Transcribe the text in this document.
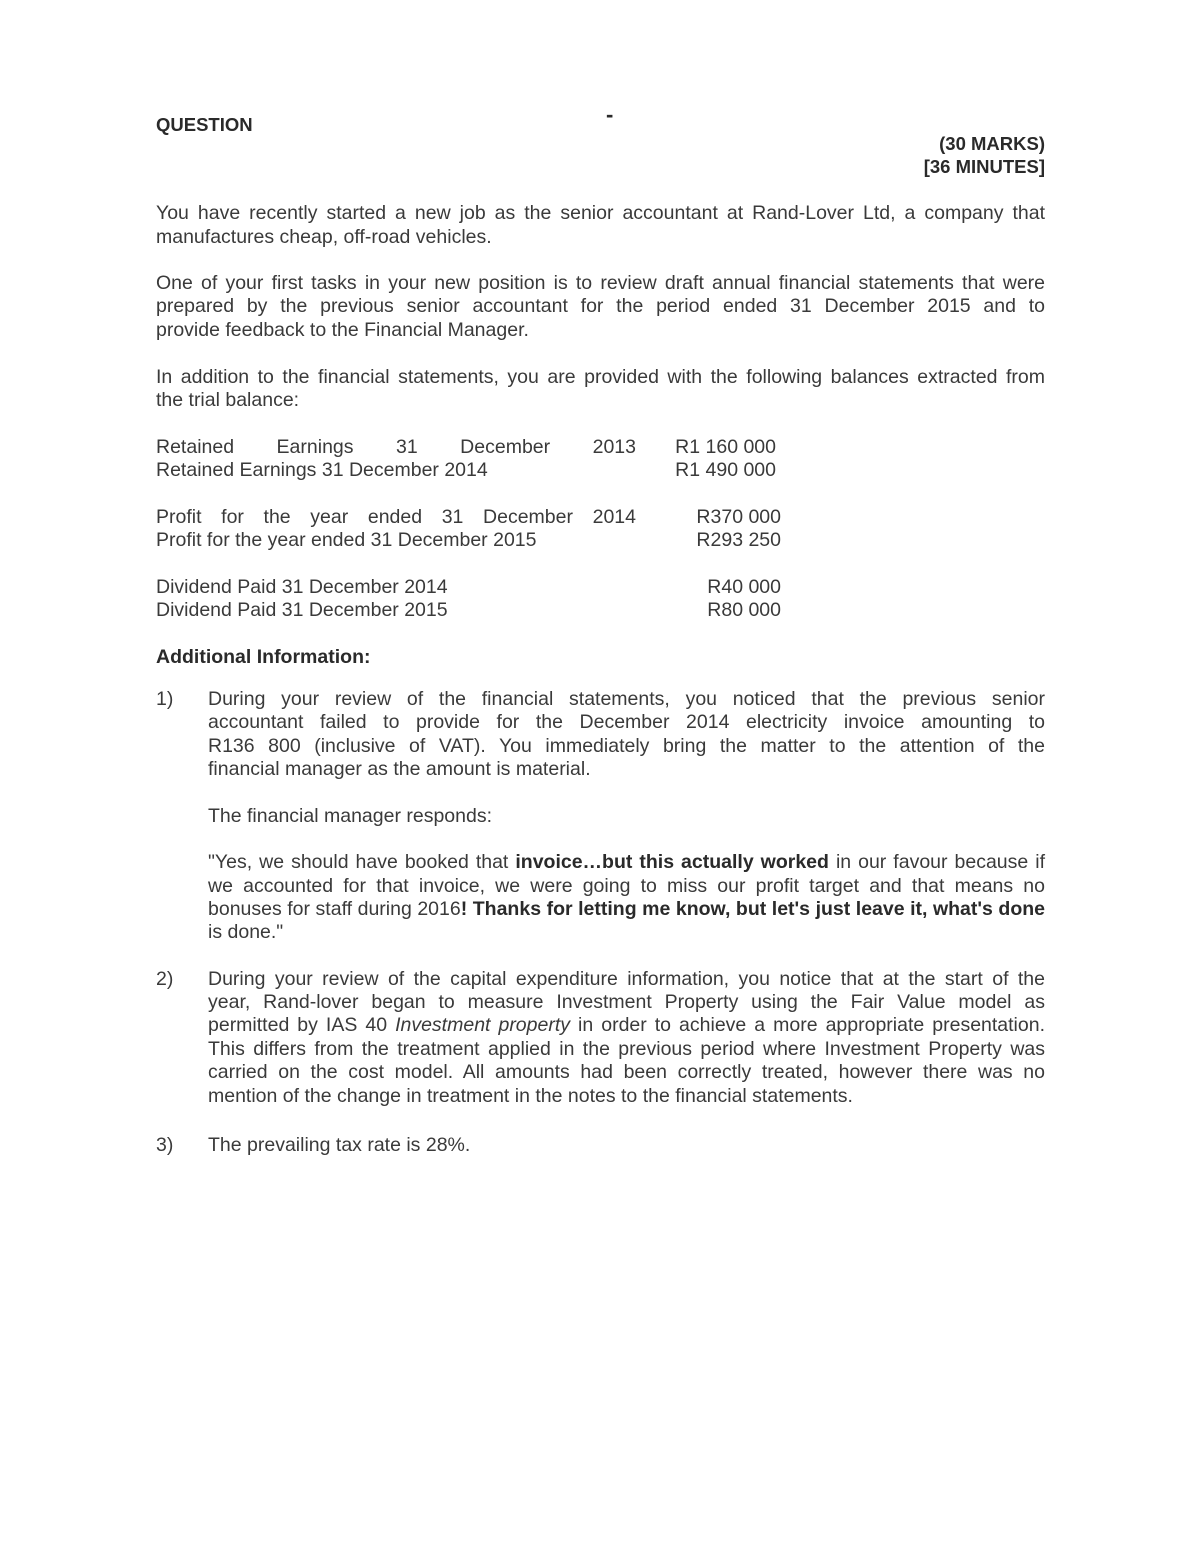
QUESTION	-
(30 MARKS)
[36 MINUTES]
You have recently started a new job as the senior accountant at Rand-Lover Ltd, a company that
manufactures cheap, off-road vehicles.
One of your first tasks in your new position is to review draft annual financial statements that were
prepared by the previous senior accountant for the period ended 31 December 2015 and to
provide feedback to the Financial Manager.
In addition to the financial statements, you are provided with the following balances extracted from
the trial balance:
Retained Earnings 31 December 2013 R1 160 000
Retained Earnings 31 December 2014	R1 490 000
Profit for the year ended 31 December 2014	R370 000
Profit for the year ended 31 December 2015	R293 250
Dividend Paid 31 December 2014	R40 000
Dividend Paid 31 December 2015	R80 000
Additional Information:
1) During your review of the financial statements, you noticed that the previous senior
accountant failed to provide for the December 2014 electricity invoice amounting to
R136 800 (inclusive of VAT). You immediately bring the matter to the attention of the
financial manager as the amount is material.
The financial manager responds:
"Yes, we should have booked that invoice…but this actually worked in our favour because if
we accounted for that invoice, we were going to miss our profit target and that means no
bonuses for staff during 2016! Thanks for letting me know, but let's just leave it, what's done
is done."
2) During your review of the capital expenditure information, you notice that at the start of the
year, Rand-lover began to measure Investment Property using the Fair Value model as
permitted by IAS 40 Investment property in order to achieve a more appropriate presentation.
This differs from the treatment applied in the previous period where Investment Property was
carried on the cost model. All amounts had been correctly treated, however there was no
mention of the change in treatment in the notes to the financial statements.
3) The prevailing tax rate is 28%.
